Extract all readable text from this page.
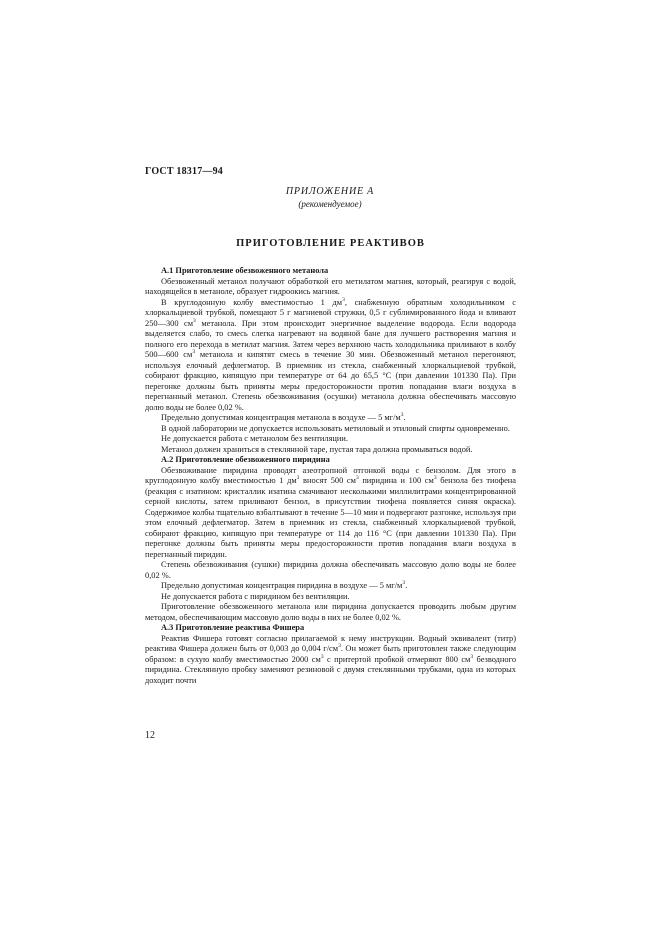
ГОСТ 18317—94
ПРИЛОЖЕНИЕ А
(рекомендуемое)
ПРИГОТОВЛЕНИЕ РЕАКТИВОВ
А.1 Приготовление обезвоженного метанола

Обезвоженный метанол получают обработкой его метилатом магния, который, реагируя с водой, находящейся в метаноле, образует гидроокись магния.

В круглодонную колбу вместимостью 1 $дм^3$, снабженную обратным холодильником с хлоркальциевой трубкой, помещают 5 г магниевой стружки, 0,5 г сублимированного йода и вливают 250—300 $см^3$ метанола. При этом происходит энергичное выделение водорода. Если водорода выделяется слабо, то смесь слегка нагревают на водяной бане для лучшего растворения магния и полного его перехода в метилат магния. Затем через верхнюю часть холодильника приливают в колбу 500—600 $см^3$ метанола и кипятят смесь в течение 30 мин. Обезвоженный метанол перегоняют, используя елочный дефлегматор. В приемник из стекла, снабженный хлоркальциевой трубкой, собирают фракцию, кипящую при температуре от 64 до 65,5 °С (при давлении 101330 Па). При перегонке должны быть приняты меры предосторожности против попадания влаги воздуха в перегнанный метанол. Степень обезвоживания (осушки) метанола должна обеспечивать массовую долю воды не более 0,02 %.

Предельно допустимая концентрация метанола в воздухе — 5 $мг/м^3$.

В одной лаборатории не допускается использовать метиловый и этиловый спирты одновременно.

Не допускается работа с метанолом без вентиляции.

Метанол должен храниться в стеклянной таре, пустая тара должна промываться водой.

А.2 Приготовление обезвоженного пиридина

Обезвоживание пиридина проводят азеотропной отгонкой воды с бензолом. Для этого в круглодонную колбу вместимостью 1 $дм^3$ вносят 500 $см^3$ пиридина и 100 $см^3$ бензола без тиофена (реакция с изатином: кристаллик изатина смачивают несколькими миллилитрами концентрированной серной кислоты, затем приливают бензол, в присутствии тиофена появляется синяя окраска). Содержимое колбы тщательно взбалтывают в течение 5—10 мин и подвергают разгонке, используя при этом елочный дефлегматор. Затем в приемник из стекла, снабженный хлоркальциевой трубкой, собирают фракцию, кипящую при температуре от 114 до 116 °С (при давлении 101330 Па). При перегонке должны быть приняты меры предосторожности против попадания влаги воздуха в перегнанный пиридин.

Степень обезвоживания (сушки) пиридина должна обеспечивать массовую долю воды не более 0,02 %.

Предельно допустимая концентрация пиридина в воздухе — 5 $мг/м^3$.

Не допускается работа с пиридином без вентиляции.

Приготовление обезвоженного метанола или пиридина допускается проводить любым другим методом, обеспечивающим массовую долю воды в них не более 0,02 %.

А.3 Приготовление реактива Фишера

Реактив Фишера готовят согласно прилагаемой к нему инструкции. Водный эквивалент (титр) реактива Фишера должен быть от 0,003 до 0,004 $г/см^3$. Он может быть приготовлен также следующим образом: в сухую колбу вместимостью 2000 $см^3$ с притертой пробкой отмеряют 800 $см^3$ безводного пиридина. Стеклянную пробку заменяют резиновой с двумя стеклянными трубками, одна из которых доходит почти

12
